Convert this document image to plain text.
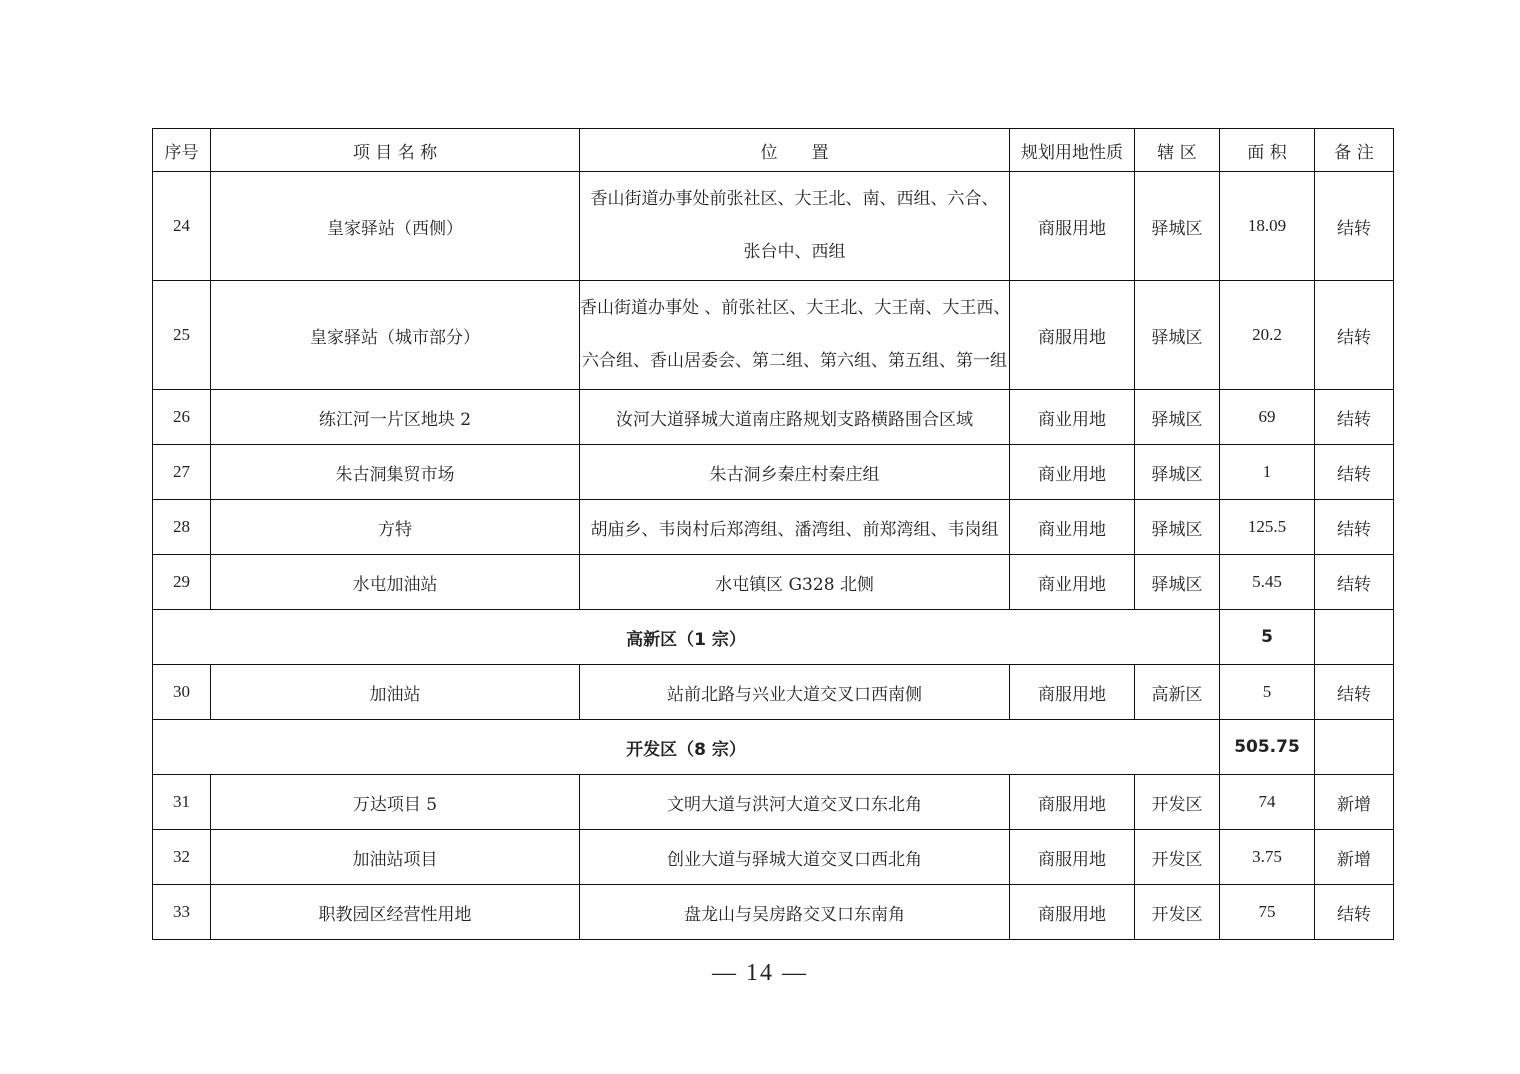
序号	项 目 名 称	位　　置	规划用地性质	辖 区	面 积	备 注
24	皇家驿站（西侧）	香山街道办事处前张社区、大王北、南、西组、六合、
张台中、西组	商服用地	驿城区	18.09	结转
25	皇家驿站（城市部分）	香山街道办事处 、前张社区、大王北、大王南、大王西、
六合组、香山居委会、第二组、第六组、第五组、第一组	商服用地	驿城区	20.2	结转
26	练江河一片区地块 2	汝河大道驿城大道南庄路规划支路横路围合区域	商业用地	驿城区	69	结转
27	朱古洞集贸市场	朱古洞乡秦庄村秦庄组	商业用地	驿城区	1	结转
28	方特	胡庙乡、韦岗村后郑湾组、潘湾组、前郑湾组、韦岗组	商业用地	驿城区	125.5	结转
29	水屯加油站	水屯镇区 G328 北侧	商业用地	驿城区	5.45	结转
高新区（1 宗）					5	
30	加油站	站前北路与兴业大道交叉口西南侧	商服用地	高新区	5	结转
开发区（8 宗）					505.75	
31	万达项目 5	文明大道与洪河大道交叉口东北角	商服用地	开发区	74	新增
32	加油站项目	创业大道与驿城大道交叉口西北角	商服用地	开发区	3.75	新增
33	职教园区经营性用地	盘龙山与吴房路交叉口东南角	商服用地	开发区	75	结转
— 14 —
